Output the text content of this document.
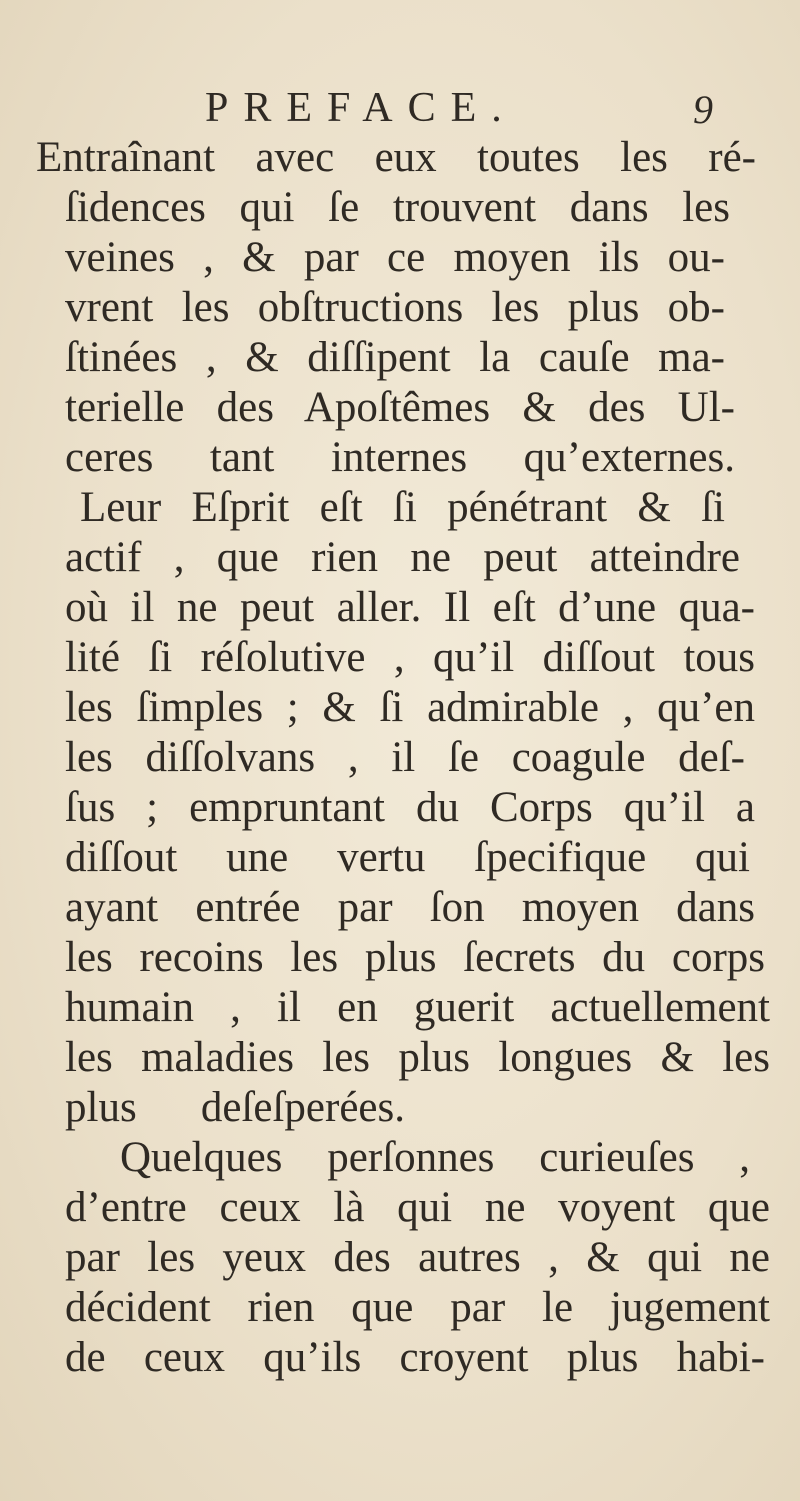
PREFACE.	9
Entraînant avec eux toutes les ré-
ſidences qui ſe trouvent dans les
veines , & par ce moyen ils ou-
vrent les obſtructions les plus ob-
ſtinées , & diſſipent la cauſe ma-
terielle des Apoſtêmes & des Ul-
ceres tant internes qu’externes.
Leur Eſprit eſt ſi pénétrant & ſi
actif , que rien ne peut atteindre
où il ne peut aller. Il eſt d’une qua-
lité ſi réſolutive , qu’il diſſout tous
les ſimples ; & ſi admirable , qu’en
les diſſolvans , il ſe coagule deſ-
ſus ; empruntant du Corps qu’il a
diſſout une vertu ſpecifique qui
ayant entrée par ſon moyen dans
les recoins les plus ſecrets du corps
humain , il en guerit actuellement
les maladies les plus longues & les
plus deſeſperées.
Quelques perſonnes curieuſes ,
d’entre ceux là qui ne voyent que
par les yeux des autres , & qui ne
décident rien que par le jugement
de ceux qu’ils croyent plus habi-
